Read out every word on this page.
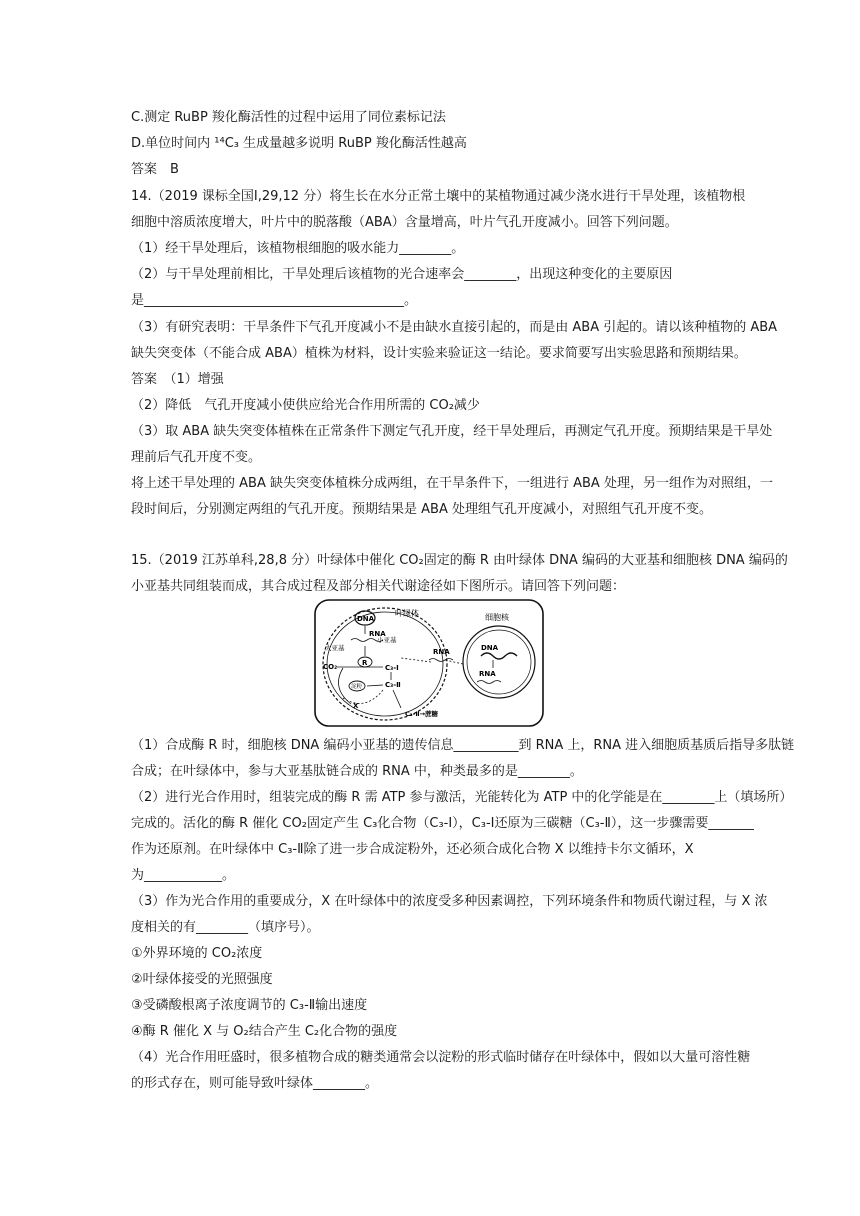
C.测定 RuBP 羧化酶活性的过程中运用了同位素标记法
D.单位时间内 ¹⁴C₃ 生成量越多说明 RuBP 羧化酶活性越高
答案　B
14.（2019 课标全国Ⅰ,29,12 分）将生长在水分正常土壤中的某植物通过减少浇水进行干旱处理，该植物根
细胞中溶质浓度增大，叶片中的脱落酸（ABA）含量增高，叶片气孔开度减小。回答下列问题。
（1）经干旱处理后，该植物根细胞的吸水能力________。
（2）与干旱处理前相比，干旱处理后该植物的光合速率会________，出现这种变化的主要原因
是________________________________________。
（3）有研究表明：干旱条件下气孔开度减小不是由缺水直接引起的，而是由 ABA 引起的。请以该种植物的 ABA
缺失突变体（不能合成 ABA）植株为材料，设计实验来验证这一结论。要求简要写出实验思路和预期结果。
答案　（1）增强
（2）降低　气孔开度减小使供应给光合作用所需的 CO₂减少
（3）取 ABA 缺失突变体植株在正常条件下测定气孔开度，经干旱处理后，再测定气孔开度。预期结果是干旱处
理前后气孔开度不变。
将上述干旱处理的 ABA 缺失突变体植株分成两组，在干旱条件下，一组进行 ABA 处理，另一组作为对照组，一
段时间后，分别测定两组的气孔开度。预期结果是 ABA 处理组气孔开度减小，对照组气孔开度不变。
15.（2019 江苏单科,28,8 分）叶绿体中催化 CO₂固定的酶 R 由叶绿体 DNA 编码的大亚基和细胞核 DNA 编码的
小亚基共同组装而成，其合成过程及部分相关代谢途径如下图所示。请回答下列问题：
叶绿体	细胞核
DNA
RNA
大亚基
小亚基
R
CO₂	C₃-Ⅰ
C₃-Ⅱ
淀粉
X
C₃-Ⅱ→蔗糖
DNA
RNA
RNA
（1）合成酶 R 时，细胞核 DNA 编码小亚基的遗传信息__________到 RNA 上，RNA 进入细胞质基质后指导多肽链
合成；在叶绿体中，参与大亚基肽链合成的 RNA 中，种类最多的是________。
（2）进行光合作用时，组装完成的酶 R 需 ATP 参与激活，光能转化为 ATP 中的化学能是在________上（填场所）
完成的。活化的酶 R 催化 CO₂固定产生 C₃化合物（C₃-Ⅰ），C₃-Ⅰ还原为三碳糖（C₃-Ⅱ），这一步骤需要_______
作为还原剂。在叶绿体中 C₃-Ⅱ除了进一步合成淀粉外，还必须合成化合物 X 以维持卡尔文循环，X
为____________。
（3）作为光合作用的重要成分，X 在叶绿体中的浓度受多种因素调控，下列环境条件和物质代谢过程，与 X 浓
度相关的有________（填序号）。
①外界环境的 CO₂浓度
②叶绿体接受的光照强度
③受磷酸根离子浓度调节的 C₃-Ⅱ输出速度
④酶 R 催化 X 与 O₂结合产生 C₂化合物的强度
（4）光合作用旺盛时，很多植物合成的糖类通常会以淀粉的形式临时储存在叶绿体中，假如以大量可溶性糖
的形式存在，则可能导致叶绿体________。
